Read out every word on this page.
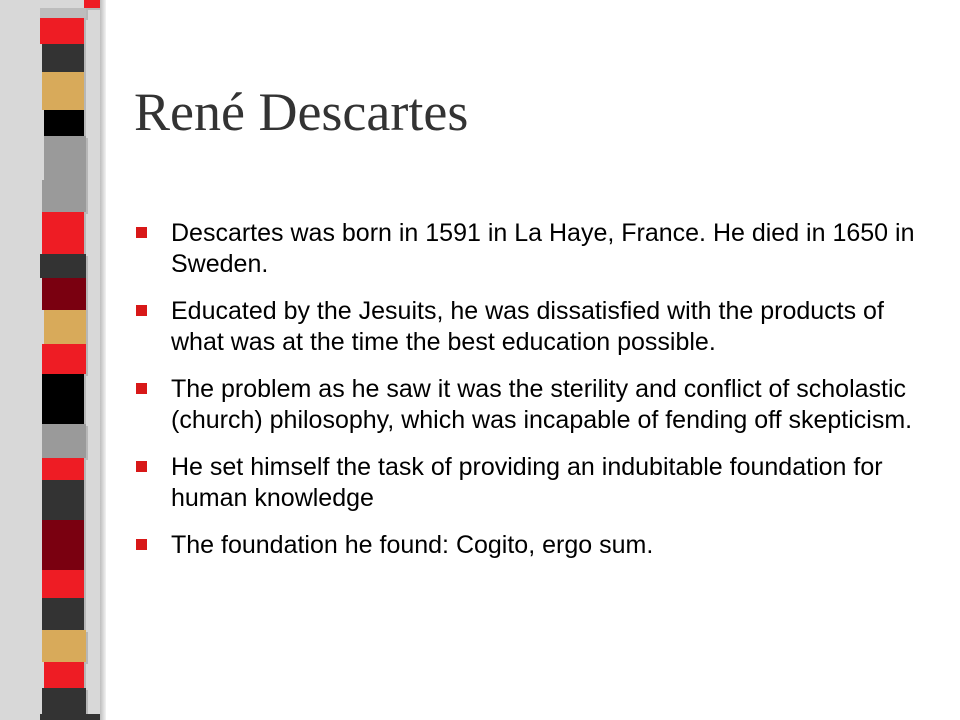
René Descartes
Descartes was born in 1591 in La Haye, France. He died in 1650 in Sweden.
Educated by the Jesuits, he was dissatisfied with the products of what was at the time the best education possible.
The problem as he saw it was the sterility and conflict of scholastic (church) philosophy, which was incapable of fending off skepticism.
He set himself the task of providing an indubitable foundation for human knowledge
The foundation he found: Cogito, ergo sum.
